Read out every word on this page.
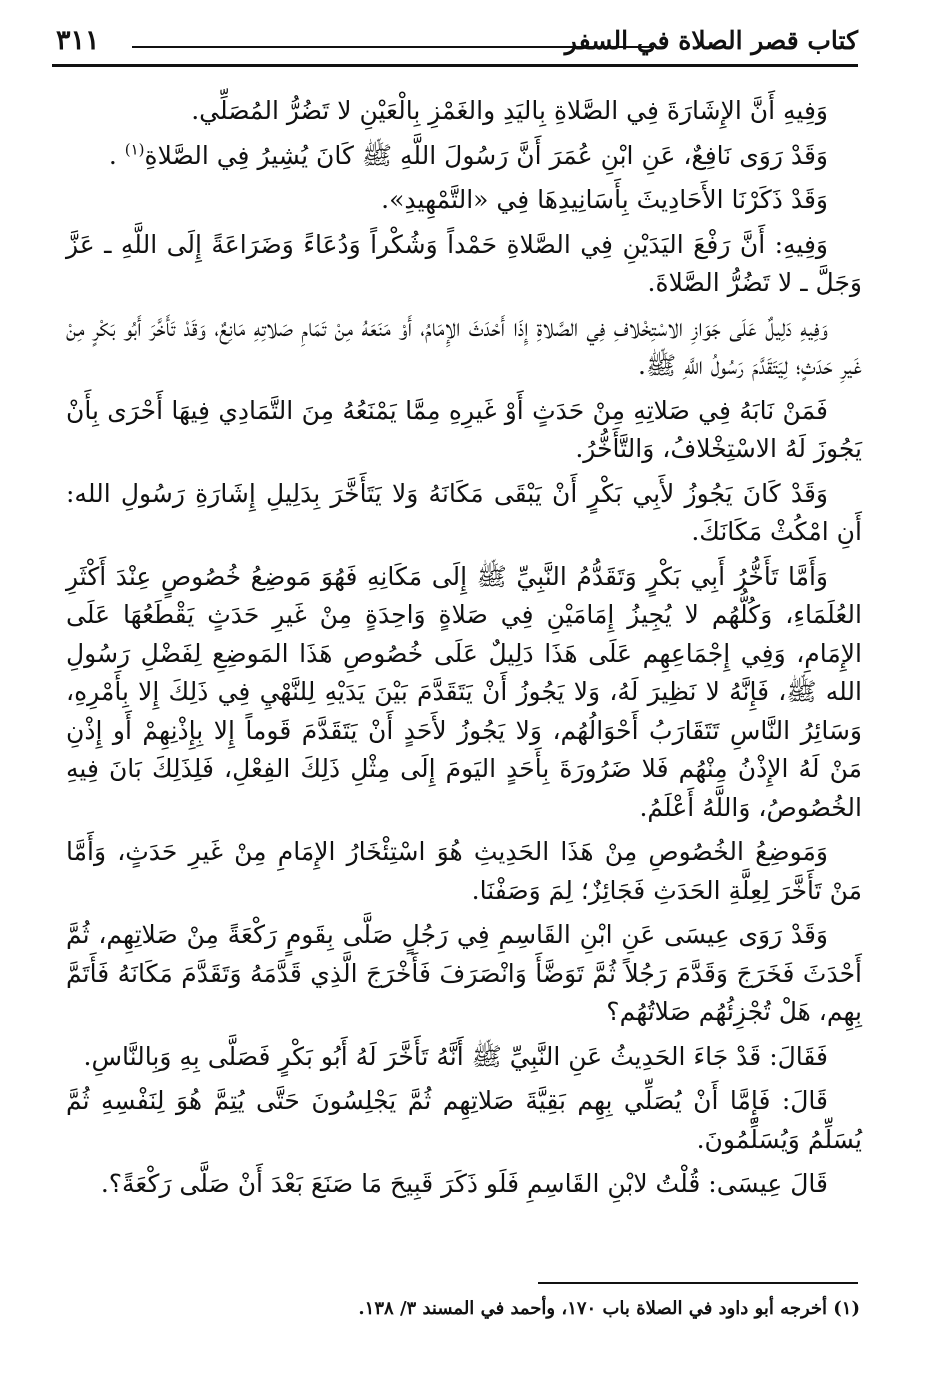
كتاب قصر الصلاة في السفر
٣١١

وَفِيهِ أَنَّ الإِشَارَةَ فِي الصَّلاةِ بِاليَدِ والغَمْزِ بِالْعَيْنِ لا تَضُرُّ المُصَلِّي.

وَقَدْ رَوَى نَافِعٌ، عَنِ ابْنِ عُمَرَ أَنَّ رَسُولَ اللَّهِ ﷺ كَانَ يُشِيرُ فِي الصَّلاةِ$^{(١)}$ .

وَقَدْ ذَكَرْنَا الأَحَادِيثَ بِأَسَانِيدِهَا فِي «التَّمْهِيدِ».

وَفِيهِ: أَنَّ رَفْعَ اليَدَيْنِ فِي الصَّلاةِ حَمْداً وَشُكْراً وَدُعَاءً وَضَرَاعَةً إِلَى اللَّهِ ـ عَزَّ وَجَلَّ ـ لا تَضُرُّ الصَّلاةَ.

وَفِيهِ دَلِيلٌ عَلَى جَوَازِ الاسْتِخْلافِ فِي الصَّلاةِ إِذَا أَحْدَثَ الإِمَامُ، أَوْ مَنَعَهُ مِنْ تَمَامِ صَلاتِهِ مَانِعٌ، وَقَدْ تَأَخَّرَ أَبُو بَكْرٍ مِنْ غَيرِ حَدَثٍ؛ لِيَتَقَدَّمَ رَسُولُ اللَّهِ ﷺ.

فَمَنْ نَابَهُ فِي صَلاتِهِ مِنْ حَدَثٍ أَوْ غَيرِهِ مِمَّا يَمْنَعُهُ مِنَ التَّمَادِي فِيهَا أَحْرَى بِأَنْ يَجُوزَ لَهُ الاسْتِخْلافُ، وَالتَّأَخُّرُ.

وَقَدْ كَانَ يَجُوزُ لأَبِي بَكْرٍ أَنْ يَبْقَى مَكَانَهُ وَلا يَتَأَخَّرَ بِدَلِيلِ إِشَارَةِ رَسُولِ الله: أَنِ امْكُثْ مَكَانَكَ.

وَأَمَّا تَأَخُّرُ أَبِي بَكْرٍ وَتَقَدُّمُ النَّبِيِّ ﷺ إِلَى مَكَانِهِ فَهُوَ مَوضِعُ خُصُوصٍ عِنْدَ أَكْثَرِ العُلَمَاءِ، وَكُلُّهُم لا يُجِيزُ إِمَامَيْنِ فِي صَلاةٍ وَاحِدَةٍ مِنْ غَيرِ حَدَثٍ يَقْطَعُهَا عَلَى الإِمَامِ، وَفِي إِجْمَاعِهِم عَلَى هَذَا دَلِيلٌ عَلَى خُصُوصِ هَذَا المَوضِعِ لِفَضْلِ رَسُولِ الله ﷺ، فَإِنَّهُ لا نَظِيرَ لَهُ، وَلا يَجُوزُ أَنْ يَتَقَدَّمَ بَيْنَ يَدَيْهِ لِلنَّهْيِ فِي ذَلِكَ إِلا بِأَمْرِهِ، وَسَائِرُ النَّاسِ تَتَقَارَبُ أَحْوَالُهُم، وَلا يَجُوزُ لأَحَدٍ أَنْ يَتَقَدَّمَ قَوماً إِلا بِإِذْنِهِمْ أَو إِذْنِ مَنْ لَهُ الإِذْنُ مِنْهُم فَلا ضَرُورَةَ بِأَحَدٍ اليَومَ إِلَى مِثْلِ ذَلِكَ الفِعْلِ، فَلِذَلِكَ بَانَ فِيهِ الخُصُوصُ، وَاللَّهُ أَعْلَمُ.

وَمَوضِعُ الخُصُوصِ مِنْ هَذَا الحَدِيثِ هُوَ اسْتِئْخَارُ الإِمَامِ مِنْ غَيرِ حَدَثٍ، وَأَمَّا مَنْ تَأَخَّرَ لِعِلَّةِ الحَدَثِ فَجَائِزٌ؛ لِمَ وَصَفْنَا.

وَقَدْ رَوَى عِيسَى عَنِ ابْنِ القَاسِمِ فِي رَجُلٍ صَلَّى بِقَومٍ رَكْعَةً مِنْ صَلاتِهِم، ثُمَّ أَحْدَثَ فَخَرَجَ وَقَدَّمَ رَجُلاً ثُمَّ تَوَضَّأَ وَانْصَرَفَ فَأَخْرَجَ الَّذِي قَدَّمَهُ وَتَقَدَّمَ مَكَانَهُ فَأَتَمَّ بِهِم، هَلْ تُجْزِئُهُم صَلاتُهُم؟

فَقَالَ: قَدْ جَاءَ الحَدِيثُ عَنِ النَّبِيِّ ﷺ أَنَّهُ تَأَخَّرَ لَهُ أَبُو بَكْرٍ فَصَلَّى بِهِ وَبِالنَّاسِ.

قَالَ: فَإِمَّا أَنْ يُصَلِّي بِهِم بَقِيَّةَ صَلاتِهِم ثُمَّ يَجْلِسُونَ حَتَّى يُتِمَّ هُوَ لِنَفْسِهِ ثُمَّ يُسَلِّمُ وَيُسَلِّمُونَ.

قَالَ عِيسَى: قُلْتُ لابْنِ القَاسِمِ فَلَو ذَكَرَ قَبِيحَ مَا صَنَعَ بَعْدَ أَنْ صَلَّى رَكْعَةً؟.

(١) أخرجه أبو داود في الصلاة باب ١٧٠، وأحمد في المسند ٣/ ١٣٨.
